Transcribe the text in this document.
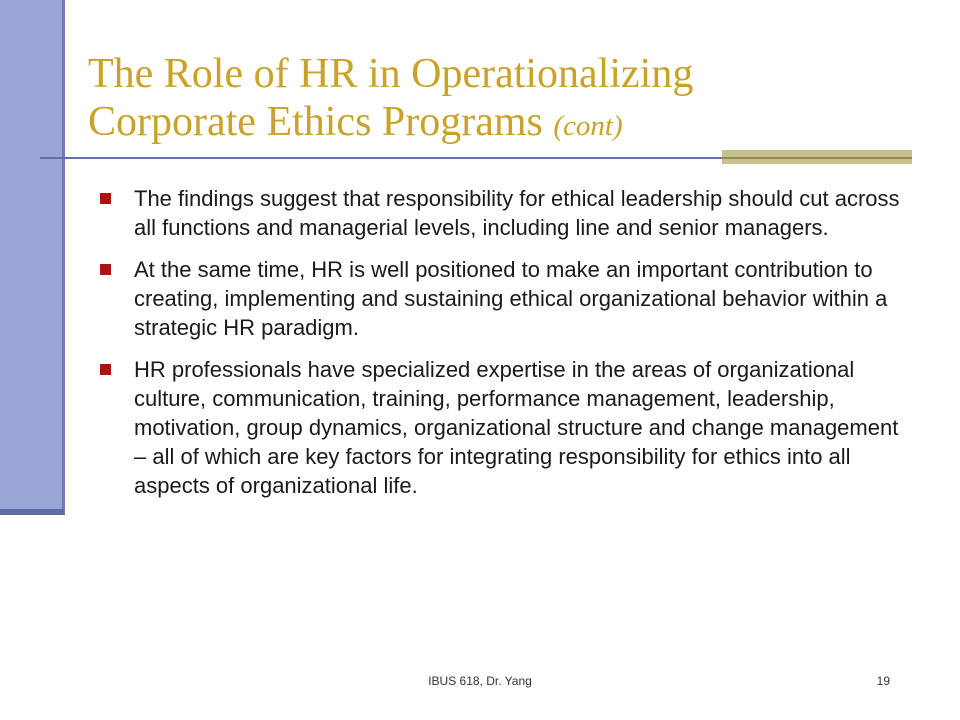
The Role of HR in Operationalizing
Corporate Ethics Programs (cont)
The findings suggest that responsibility for ethical leadership should cut across all functions and managerial levels, including line and senior managers.
At the same time, HR is well positioned to make an important contribution to creating, implementing and sustaining ethical organizational behavior within a strategic HR paradigm.
HR professionals have specialized expertise in the areas of organizational culture, communication, training, performance management, leadership, motivation, group dynamics, organizational structure and change management – all of which are key factors for integrating responsibility for ethics into all aspects of organizational life.
IBUS 618, Dr. Yang	19
